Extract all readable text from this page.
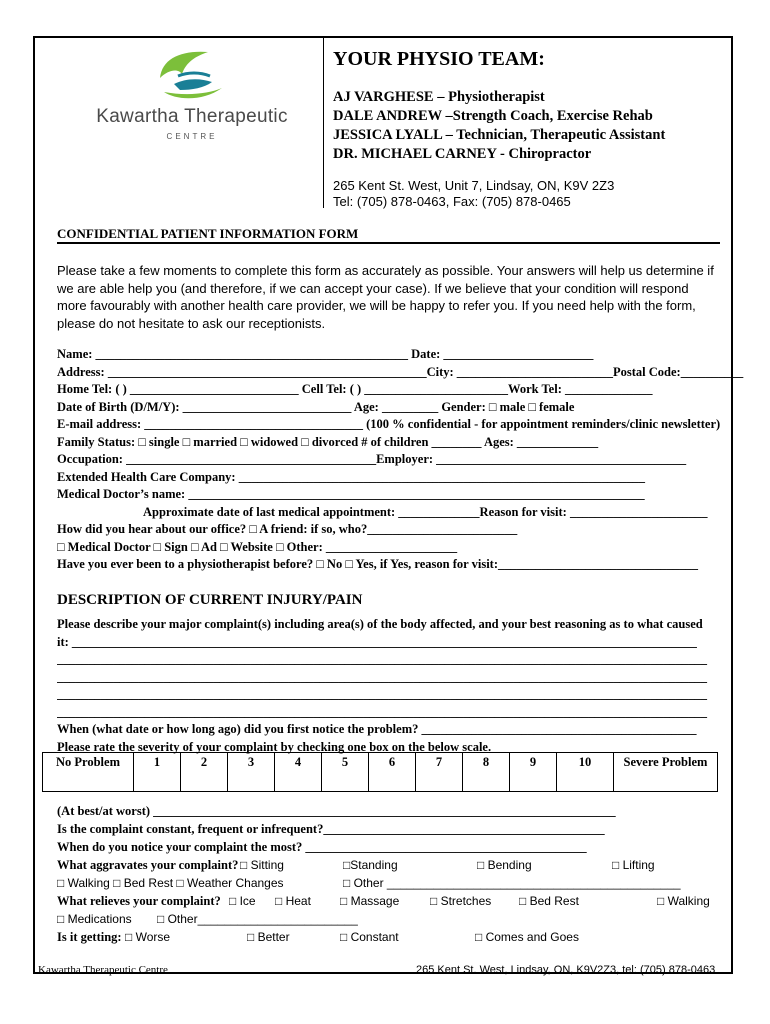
Kawartha Therapeutic
CENTRE
YOUR PHYSIO TEAM:
AJ VARGHESE – Physiotherapist
DALE ANDREW –Strength Coach, Exercise Rehab
JESSICA LYALL – Technician, Therapeutic Assistant
DR. MICHAEL CARNEY - Chiropractor
265 Kent St. West, Unit 7, Lindsay, ON, K9V 2Z3
Tel: (705) 878-0463, Fax: (705) 878-0465
CONFIDENTIAL PATIENT INFORMATION FORM
Please take a few moments to complete this form as accurately as possible. Your answers will help us determine if we are able help you (and therefore, if we can accept your case). If we believe that your condition will respond more favourably with another health care provider, we will be happy to refer you. If you need help with the form, please do not hesitate to ask our receptionists.
Name: __________________________________________________ Date: ________________________
Address: ___________________________________________________City: _________________________Postal Code:__________
Home Tel: ( ) ___________________________ Cell Tel: ( ) _______________________Work Tel: ______________
Date of Birth (D/M/Y): ___________________________ Age: _________ Gender: □ male □ female
E-mail address: ___________________________________ (100 % confidential - for appointment reminders/clinic newsletter)
Family Status: □ single □ married □ widowed □ divorced # of children ________ Ages: _____________
Occupation: ________________________________________Employer: ________________________________________
Extended Health Care Company: _________________________________________________________________
Medical Doctor’s name: _________________________________________________________________________
Approximate date of last medical appointment: _____________Reason for visit: ______________________
How did you hear about our office? □ A friend: if so, who?________________________
□ Medical Doctor □ Sign □ Ad □ Website □ Other: _____________________
Have you ever been to a physiotherapist before? □ No □ Yes, if Yes, reason for visit:________________________________
DESCRIPTION OF CURRENT INJURY/PAIN
Please describe your major complaint(s) including area(s) of the body affected, and your best reasoning as to what caused
it: ____________________________________________________________________________________________________
________________________________________________________________________________________________________
________________________________________________________________________________________________________
________________________________________________________________________________________________________
________________________________________________________________________________________________________
When (what date or how long ago) did you first notice the problem? ____________________________________________
Please rate the severity of your complaint by checking one box on the below scale.
No Problem	1	2	3	4	5	6	7	8	9	10	Severe Problem
(At best/at worst) __________________________________________________________________________
Is the complaint constant, frequent or infrequent?_____________________________________________
When do you notice your complaint the most? _____________________________________________
What aggravates your complaint? □ Sitting	□Standing	□ Bending	□ Lifting
□ Walking □ Bed Rest □ Weather Changes	□ Other ____________________________________________
What relieves your complaint? □ Ice □ Heat □ Massage	□ Stretches □ Bed Rest	□ Walking
□ Medications □ Other________________________
Is it getting: □ Worse	□ Better	□ Constant	□ Comes and Goes
Kawartha Therapeutic Centre	265 Kent St. West, Lindsay, ON, K9V2Z3, tel: (705) 878-0463
